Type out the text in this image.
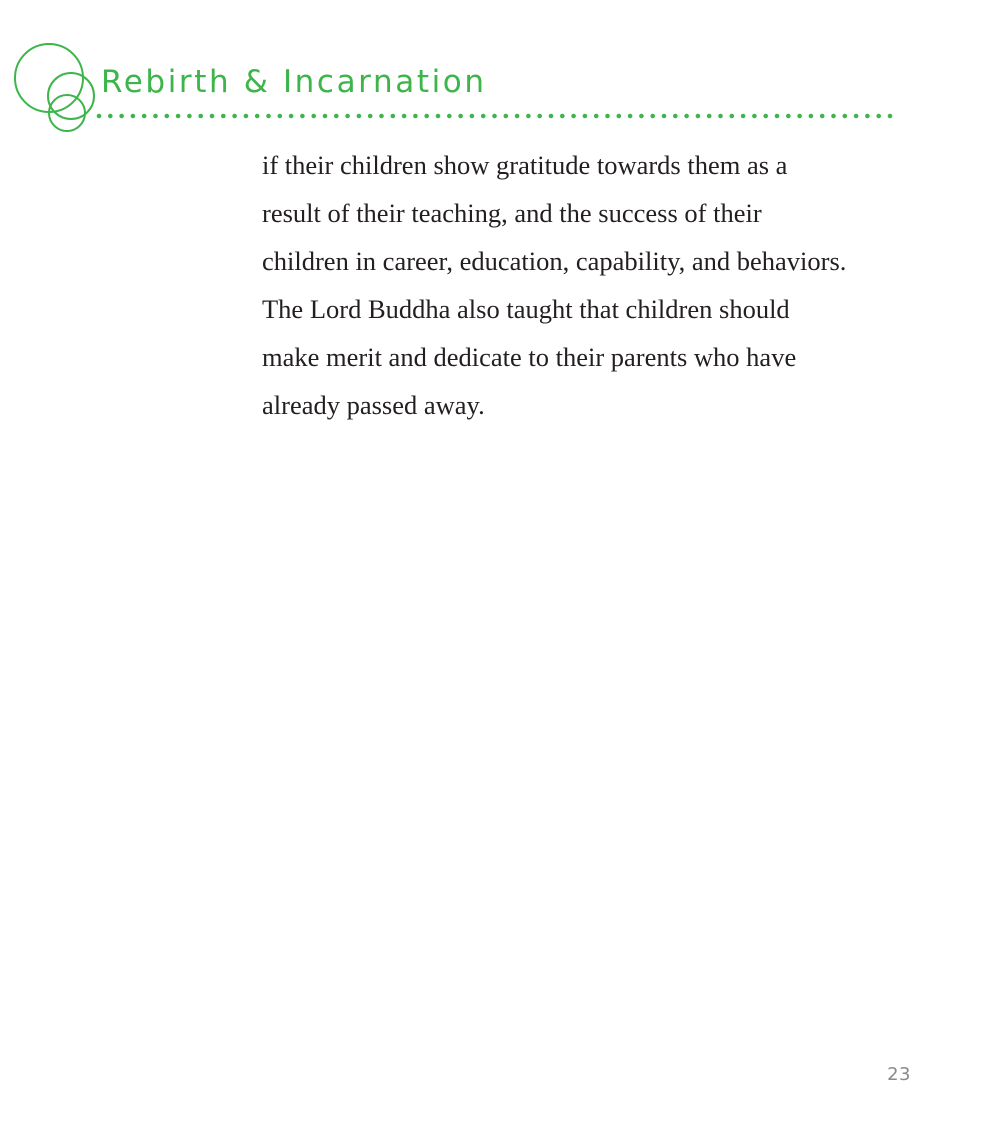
Rebirth & Incarnation
if their children show gratitude towards them as a
result of their teaching, and the success of their
children in career, education, capability, and behaviors.
The Lord Buddha also taught that children should
make merit and dedicate to their parents who have
already passed away.
23
